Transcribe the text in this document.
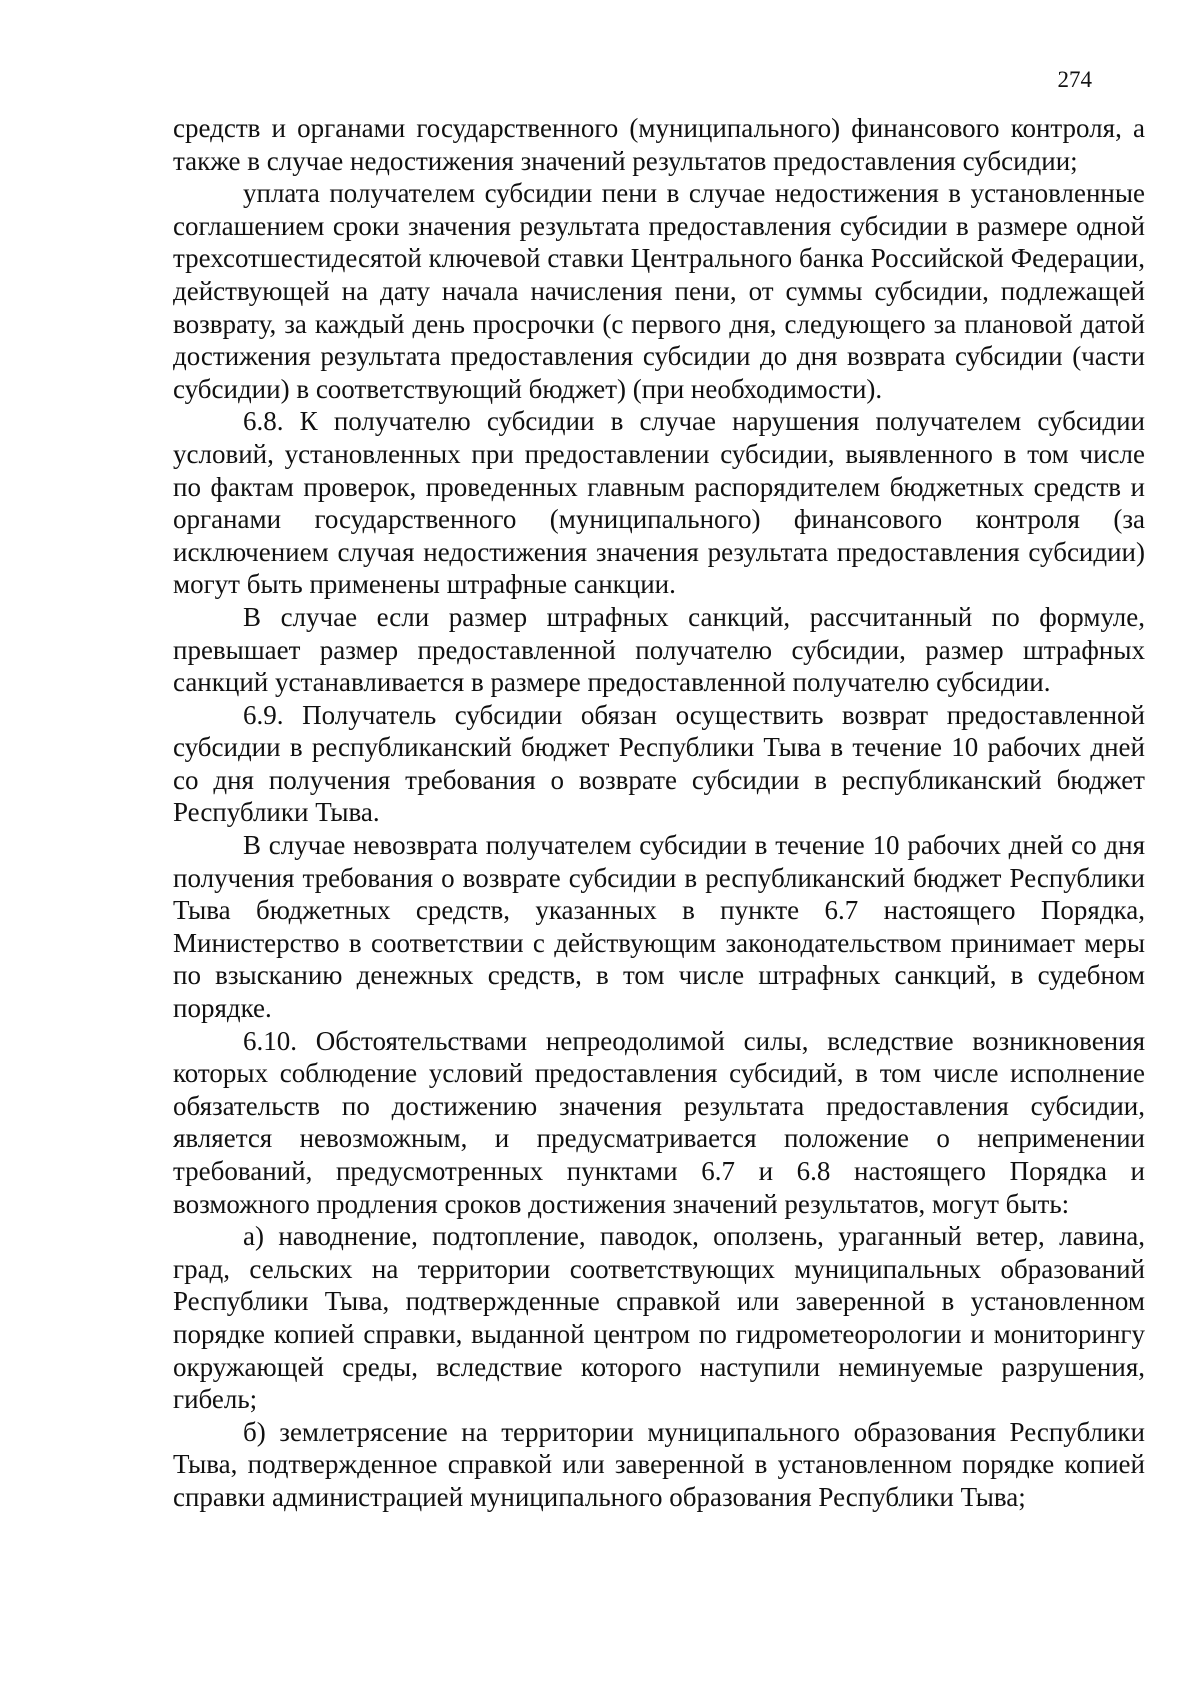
274

средств и органами государственного (муниципального) финансового контроля, а также в случае недостижения значений результатов предоставления субсидии;

уплата получателем субсидии пени в случае недостижения в установленные соглашением сроки значения результата предоставления субсидии в размере одной трехсотшестидесятой ключевой ставки Центрального банка Российской Федерации, действующей на дату начала начисления пени, от суммы субсидии, подлежащей возврату, за каждый день просрочки (с первого дня, следующего за плановой датой достижения результата предоставления субсидии до дня возврата субсидии (части субсидии) в соответствующий бюджет) (при необходимости).

6.8. К получателю субсидии в случае нарушения получателем субсидии условий, установленных при предоставлении субсидии, выявленного в том числе по фактам проверок, проведенных главным распорядителем бюджетных средств и органами государственного (муниципального) финансового контроля (за исключением случая недостижения значения результата предоставления субсидии) могут быть применены штрафные санкции.

В случае если размер штрафных санкций, рассчитанный по формуле, превышает размер предоставленной получателю субсидии, размер штрафных санкций устанавливается в размере предоставленной получателю субсидии.

6.9. Получатель субсидии обязан осуществить возврат предоставленной субсидии в республиканский бюджет Республики Тыва в течение 10 рабочих дней со дня получения требования о возврате субсидии в республиканский бюджет Республики Тыва.

В случае невозврата получателем субсидии в течение 10 рабочих дней со дня получения требования о возврате субсидии в республиканский бюджет Республики Тыва бюджетных средств, указанных в пункте 6.7 настоящего Порядка, Министерство в соответствии с действующим законодательством принимает меры по взысканию денежных средств, в том числе штрафных санкций, в судебном порядке.

6.10. Обстоятельствами непреодолимой силы, вследствие возникновения которых соблюдение условий предоставления субсидий, в том числе исполнение обязательств по достижению значения результата предоставления субсидии, является невозможным, и предусматривается положение о неприменении требований, предусмотренных пунктами 6.7 и 6.8 настоящего Порядка и возможного продления сроков достижения значений результатов, могут быть:

а) наводнение, подтопление, паводок, оползень, ураганный ветер, лавина, град, сельских на территории соответствующих муниципальных образований Республики Тыва, подтвержденные справкой или заверенной в установленном порядке копией справки, выданной центром по гидрометеорологии и мониторингу окружающей среды, вследствие которого наступили неминуемые разрушения, гибель;

б) землетрясение на территории муниципального образования Республики Тыва, подтвержденное справкой или заверенной в установленном порядке копией справки администрацией муниципального образования Республики Тыва;
